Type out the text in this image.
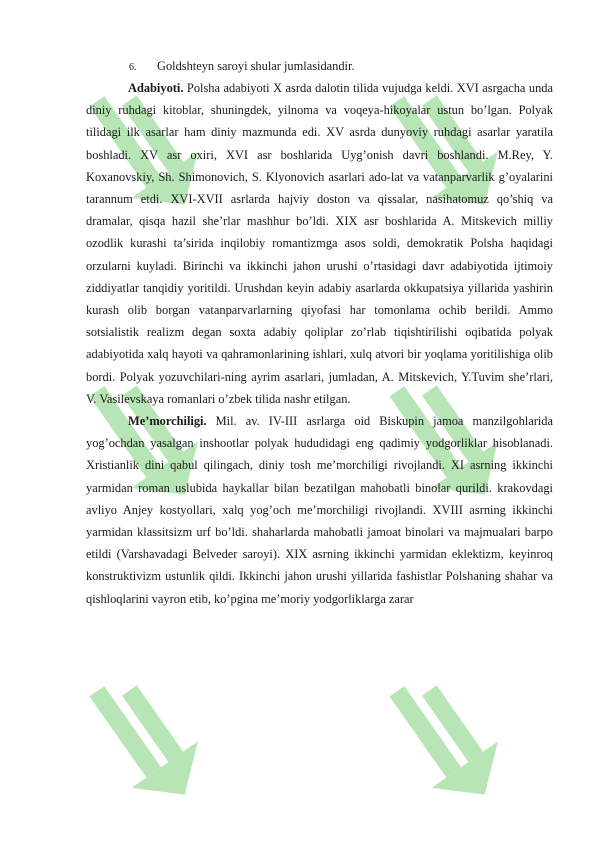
6. Goldshteyn saroyi shular jumlasidandir.

Adabiyoti. Polsha adabiyoti X asrda dalotin tilida vujudga keldi. XVI asrgacha unda diniy ruhdagi kitoblar, shuningdek, yilnoma va voqeya-hikoyalar ustun bo’lgan. Polyak tilidagi ilk asarlar ham diniy mazmunda edi. XV asrda dunyoviy ruhdagi asarlar yaratila boshladi. XV asr oxiri, XVI asr boshlarida Uyg’onish davri boshlandi. M.Rey, Y. Koxanovskiy, Sh. Shimonovich, S. Klyonovich asarlari ado-lat va vatanparvarlik g’oyalarini tarannum etdi. XVI-XVII asrlarda hajviy doston va qissalar, nasihatomuz qo’shiq va dramalar, qisqa hazil she’rlar mashhur bo’ldi. XIX asr boshlarida A. Mitskevich milliy ozodlik kurashi ta’sirida inqilobiy romantizmga asos soldi, demokratik Polsha haqidagi orzularni kuyladi. Birinchi va ikkinchi jahon urushi o’rtasidagi davr adabiyotida ijtimoiy ziddiyatlar tanqidiy yoritildi. Urushdan keyin adabiy asarlarda okkupatsiya yillarida yashirin kurash olib borgan vatanparvarlarning qiyofasi har tomonlama ochib berildi. Ammo sotsialistik realizm degan soxta adabiy qoliplar zo’rlab tiqishtirilishi oqibatida polyak adabiyotida xalq hayoti va qahramonlarining ishlari, xulq atvori bir yoqlama yoritilishiga olib bordi. Polyak yozuvchilari-ning ayrim asarlari, jumladan, A. Mitskevich, Y.Tuvim she’rlari, V. Vasilevskaya romanlari o’zbek tilida nashr etilgan.

Me’morchiligi. Mil. av. IV-III asrlarga oid Biskupin jamoa manzilgohlarida yog’ochdan yasalgan inshootlar polyak hududidagi eng qadimiy yodgorliklar hisoblanadi. Xristianlik dini qabul qilingach, diniy tosh me’morchiligi rivojlandi. XI asrning ikkinchi yarmidan roman uslubida haykallar bilan bezatilgan mahobatli binolar qurildi. krakovdagi avliyo Anjey kostyollari, xalq yog’och me’morchiligi rivojlandi. XVIII asrning ikkinchi yarmidan klassitsizm urf bo’ldi. shaharlarda mahobatli jamoat binolari va majmualari barpo etildi (Varshavadagi Belveder saroyi). XIX asrning ikkinchi yarmidan eklektizm, keyinroq konstruktivizm ustunlik qildi. Ikkinchi jahon urushi yillarida fashistlar Polshaning shahar va qishloqlarini vayron etib, ko’pgina me’moriy yodgorliklarga zarar
